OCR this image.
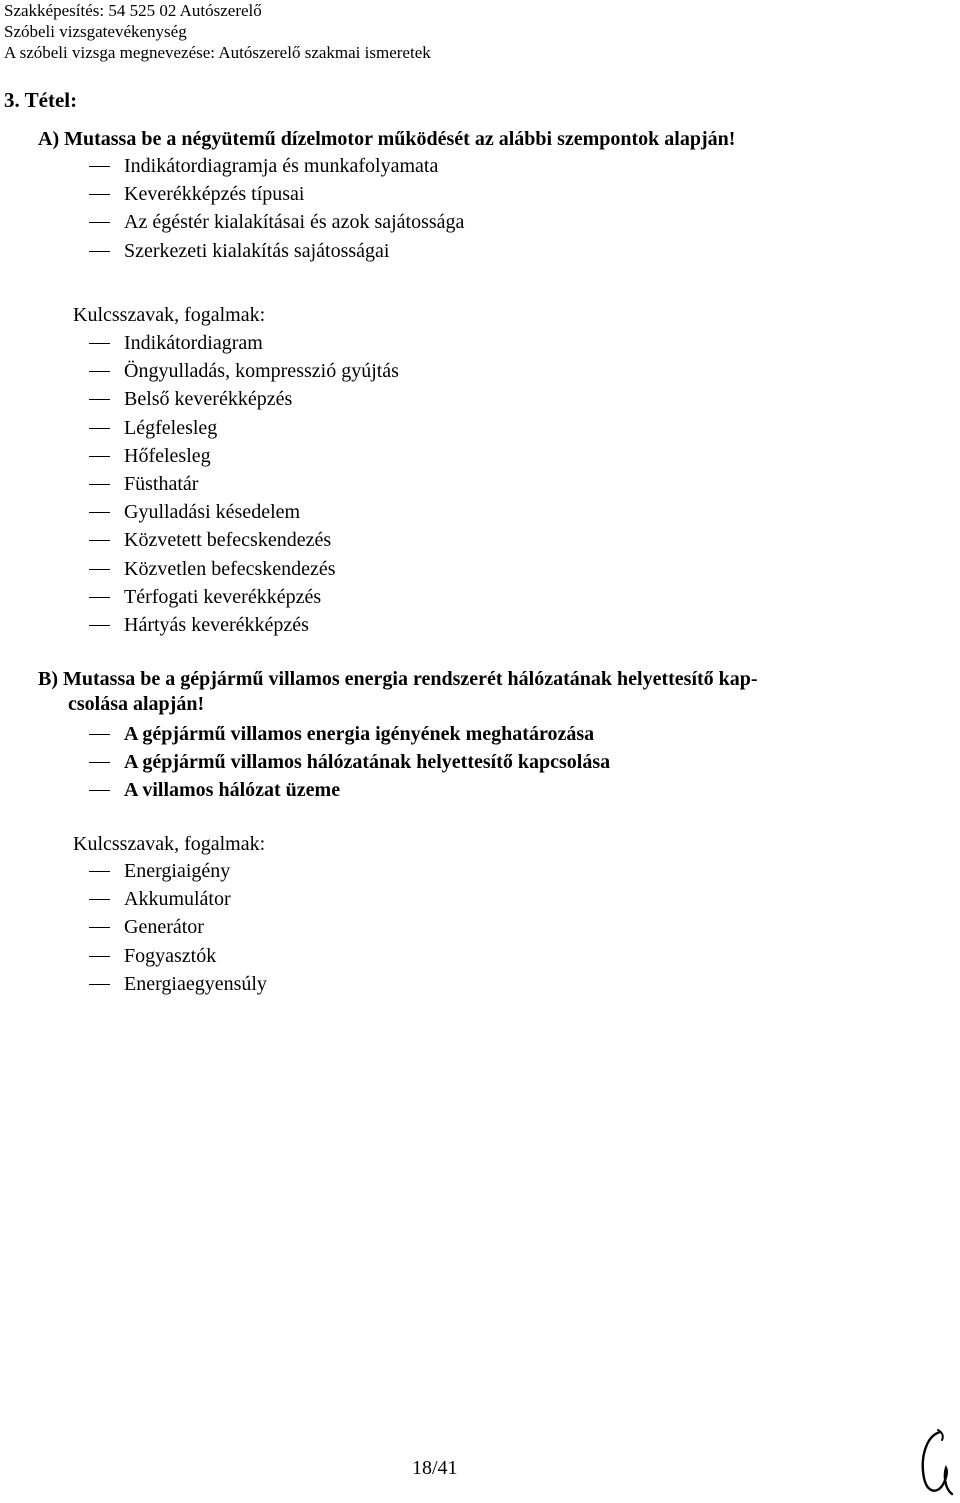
Szakképesítés: 54 525 02 Autószerelő
Szóbeli vizsgatevékenység
A szóbeli vizsga megnevezése: Autószerelő szakmai ismeretek
3. Tétel:
A) Mutassa be a négyütemű dízelmotor működését az alábbi szempontok alapján!
Indikátordiagramja és munkafolyamata
Keverékképzés típusai
Az égéstér kialakításai és azok sajátossága
Szerkezeti kialakítás sajátosságai
Kulcsszavak, fogalmak:
Indikátordiagram
Öngyulladás, kompresszió gyújtás
Belső keverékképzés
Légfelesleg
Hőfelesleg
Füsthatár
Gyulladási késedelem
Közvetett befecskendezés
Közvetlen befecskendezés
Térfogati keverékképzés
Hártyás keverékképzés
B) Mutassa be a gépjármű villamos energia rendszerét hálózatának helyettesítő kap-
csolása alapján!
A gépjármű villamos energia igényének meghatározása
A gépjármű villamos hálózatának helyettesítő kapcsolása
A villamos hálózat üzeme
Kulcsszavak, fogalmak:
Energiaigény
Akkumulátor
Generátor
Fogyasztók
Energiaegyensúly
18/41
